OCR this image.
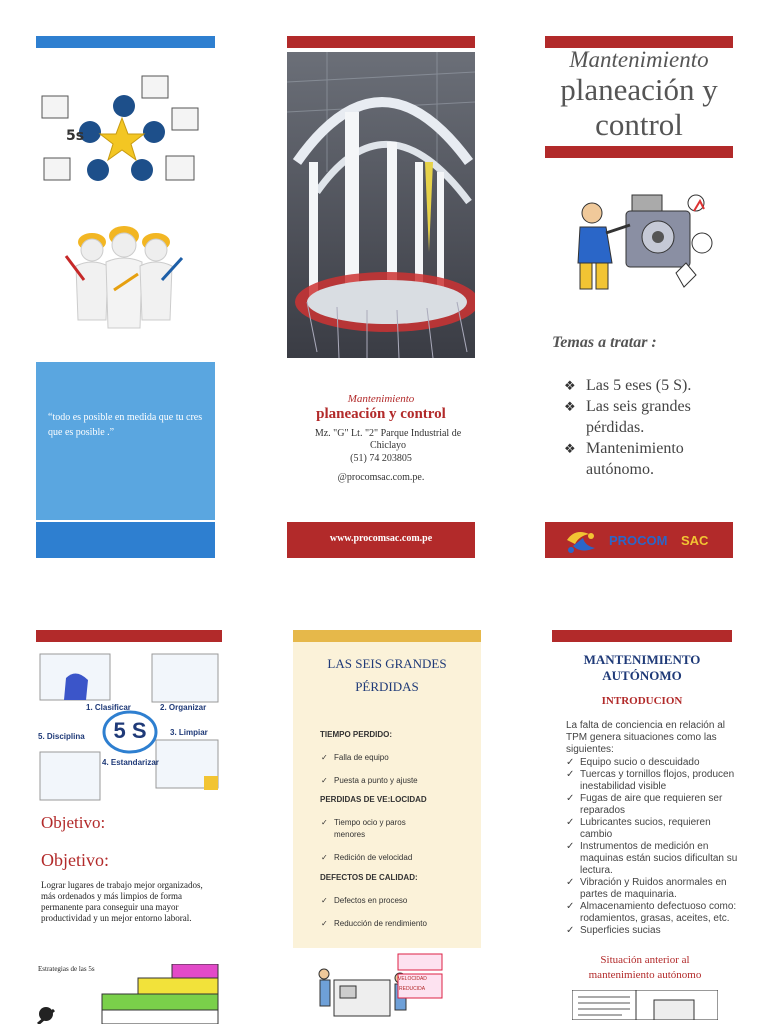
5s

“todo es posible en medida que tu cres que es posible .”

Mantenimiento
planeación y control
Mz. "G" Lt. "2" Parque Industrial de Chiclayo
(51) 74 203805
@procomsac.com.pe.
www.procomsac.com.pe
Mantenimiento
planeación y control
Temas a tratar :
❖ Las 5 eses (5 S).
❖ Las seis grandes pérdidas.
❖ Mantenimiento autónomo.
PROCOM SAC
1. Clasificar	2. Organizar
3. Limpiar
4. Estandarizar
5. Disciplina 5 S
Objetivo:
Objetivo:

Lograr lugares de trabajo mejor organizados, más ordenados y más limpios de forma permanente para conseguir una mayor productividad y un mejor entorno laboral.

Estrategias de las 5s
LAS SEIS GRANDES PÉRDIDAS
TIEMPO PERDIDO:
✓ Falla de equipo
✓ Puesta a punto y ajuste
PERDIDAS DE VE:LOCIDAD
✓ Tiempo ocio y paros menores
✓ Redición de velocidad
DEFECTOS DE CALIDAD:
✓ Defectos en proceso
✓ Reducción de rendimiento
VELOCIDAD
REDUCIDA
MANTENIMIENTO AUTÓNOMO
INTRODUCION

La falta de conciencia en relación al TPM genera situaciones como las siguientes:

✓ Equipo sucio o descuidado
✓ Tuercas y tornillos flojos, producen inestabilidad visible
✓ Fugas de aire que requieren ser reparados
✓ Lubricantes sucios, requieren cambio
✓ Instrumentos de medición en maquinas están sucios dificultan su lectura.
✓ Vibración y Ruidos anormales en partes de maquinaria.
✓ Almacenamiento defectuoso como: rodamientos, grasas, aceites, etc.
✓ Superficies sucias
Situación anterior al mantenimiento autónomo
